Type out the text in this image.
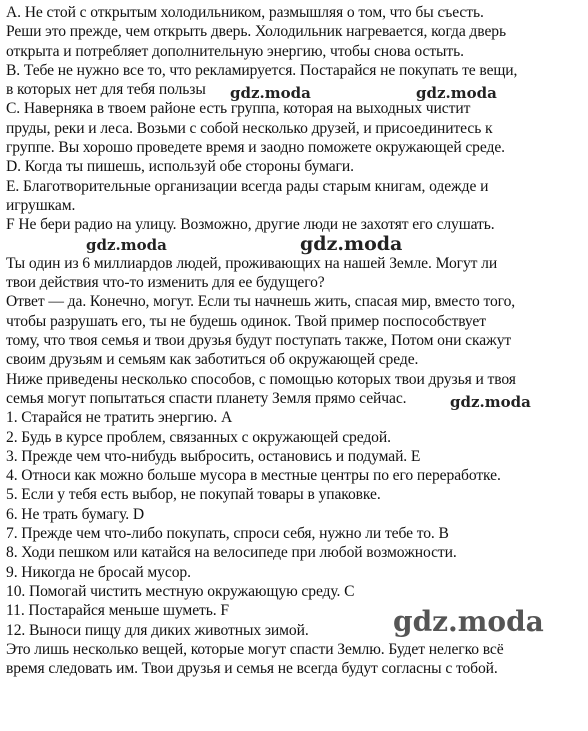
A. Не стой с открытым холодильником, размышляя о том, что бы съесть.

Реши это прежде, чем открыть дверь. Холодильник нагревается, когда дверь

открыта и потребляет дополнительную энергию, чтобы снова остыть.

B. Тебе не нужно все то, что рекламируется. Постарайся не покупать те вещи,

в которых нет для тебя пользы

C. Наверняка в твоем районе есть группа, которая на выходных чистит

пруды, реки и леса. Возьми с собой несколько друзей, и присоединитесь к

группе. Вы хорошо проведете время и заодно поможете окружающей среде.

D. Когда ты пишешь, используй обе стороны бумаги.

E. Благотворительные организации всегда рады старым книгам, одежде и

игрушкам.

F Не бери радио на улицу. Возможно, другие люди не захотят его слушать.

Ты один из 6 миллиардов людей, проживающих на нашей Земле. Могут ли

твои действия что-то изменить для ее будущего?

Ответ — да. Конечно, могут. Если ты начнешь жить, спасая мир, вместо того,

чтобы разрушать его, ты не будешь одинок. Твой пример поспособствует

тому, что твоя семья и твои друзья будут поступать также, Потом они скажут

своим друзьям и семьям как заботиться об окружающей среде.

Ниже приведены несколько способов, с помощью которых твои друзья и твоя

семья могут попытаться спасти планету Земля прямо сейчас.

1. Старайся не тратить энергию. A

2. Будь в курсе проблем, связанных с окружающей средой.

3. Прежде чем что-нибудь выбросить, остановись и подумай. E

4. Относи как можно больше мусора в местные центры по его переработке.

5. Если у тебя есть выбор, не покупай товары в упаковке.

6. Не трать бумагу. D

7. Прежде чем что-либо покупать, спроси себя, нужно ли тебе то. B

8. Ходи пешком или катайся на велосипеде при любой возможности.

9. Никогда не бросай мусор.

10. Помогай чистить местную окружающую среду. C

11. Постарайся меньше шуметь. F

12. Выноси пищу для диких животных зимой.

Это лишь несколько вещей, которые могут спасти Землю. Будет нелегко всё

время следовать им. Твои друзья и семья не всегда будут согласны с тобой.

gdz.moda	gdz.moda
gdz.moda	gdz.moda
gdz.moda
gdz.moda
